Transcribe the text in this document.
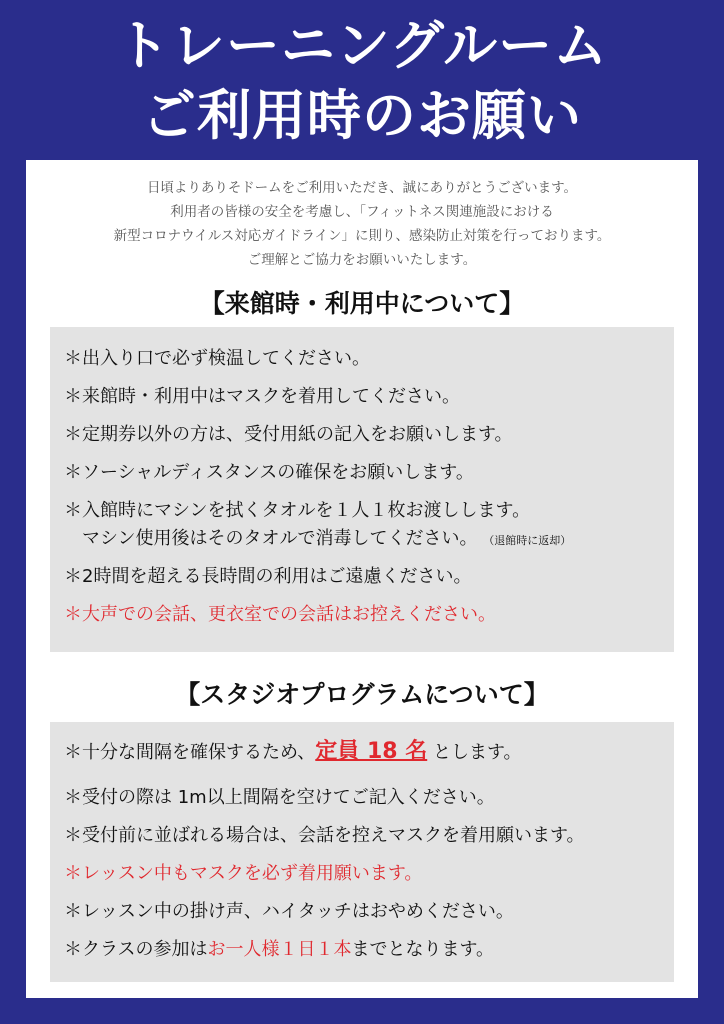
トレーニングルーム
ご利用時のお願い
日頃よりありそドームをご利用いただき、誠にありがとうございます。
利用者の皆様の安全を考慮し、「フィットネス関連施設における
新型コロナウイルス対応ガイドライン」に則り、感染防止対策を行っております。
ご理解とご協力をお願いいたします。
【来館時・利用中について】
＊出入り口で必ず検温してください。
＊来館時・利用中はマスクを着用してください。
＊定期券以外の方は、受付用紙の記入をお願いします。
＊ソーシャルディスタンスの確保をお願いします。
＊入館時にマシンを拭くタオルを１人１枚お渡しします。
マシン使用後はそのタオルで消毒してください。 （退館時に返却）
＊2時間を超える長時間の利用はご遠慮ください。
＊大声での会話、更衣室での会話はお控えください。
【スタジオプログラムについて】
＊十分な間隔を確保するため、定員 18 名 とします。
＊受付の際は 1m以上間隔を空けてご記入ください。
＊受付前に並ばれる場合は、会話を控えマスクを着用願います。
＊レッスン中もマスクを必ず着用願います。
＊レッスン中の掛け声、ハイタッチはおやめください。
＊クラスの参加はお一人様１日１本までとなります。
